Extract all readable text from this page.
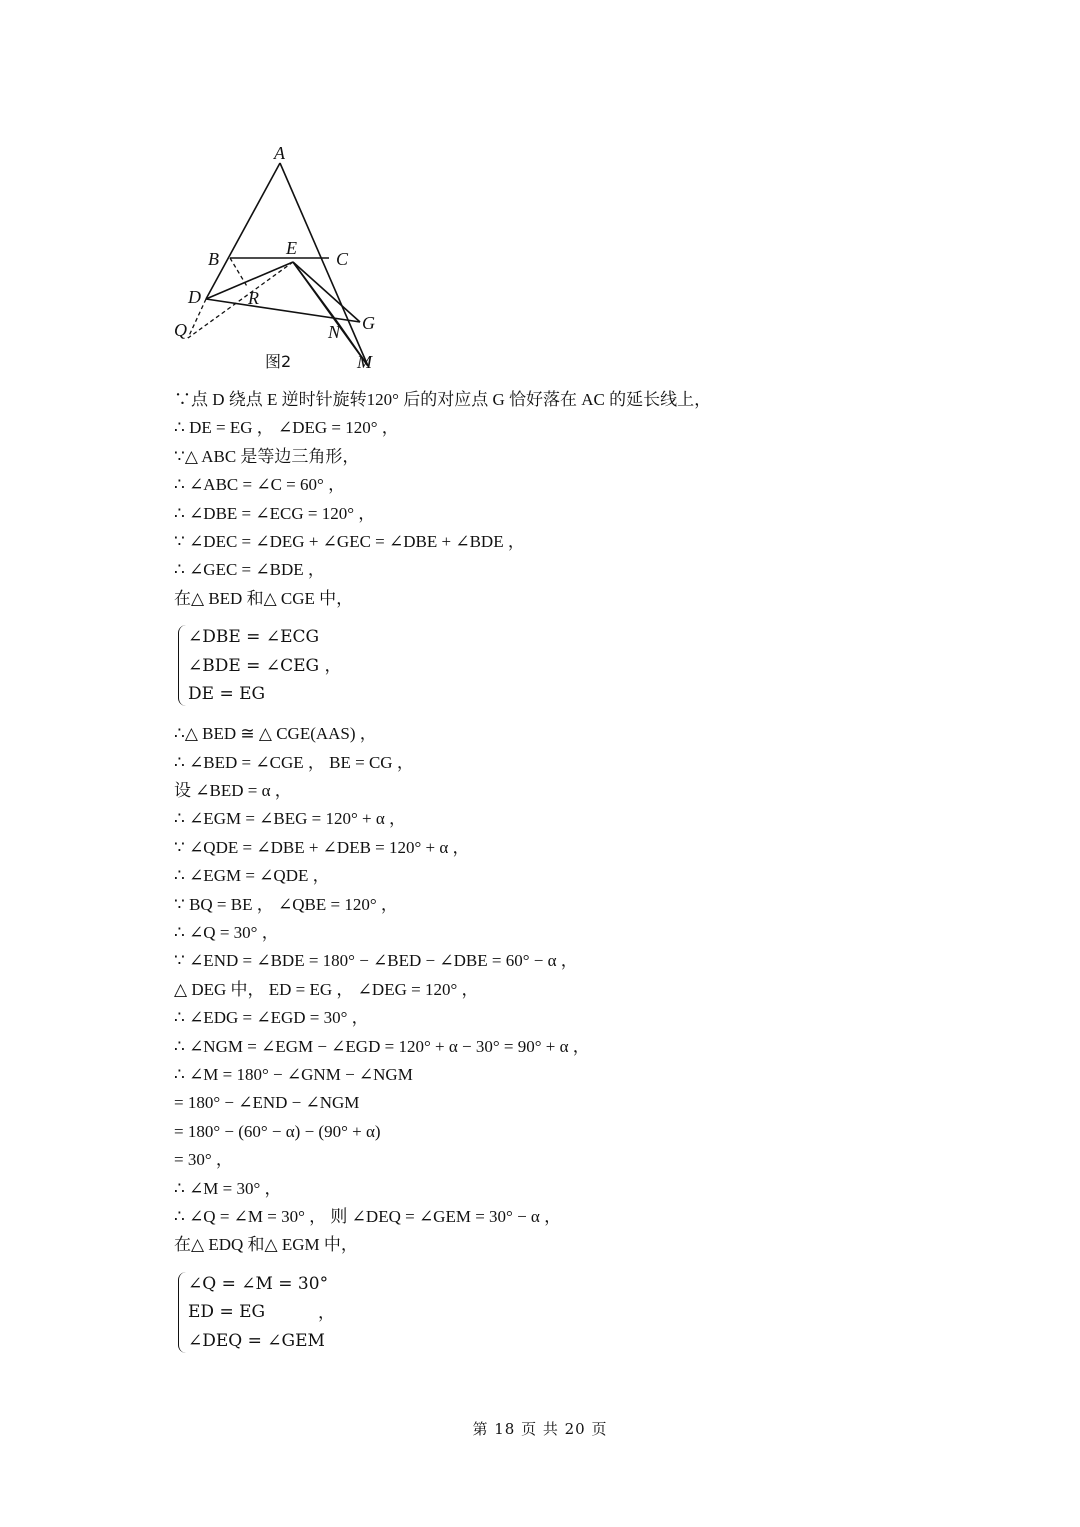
A
B	C
E
D	R
Q	N G
M
图2
∵点 D 绕点 E 逆时针旋转120° 后的对应点 G 恰好落在 AC 的延长线上，
∴ DE = EG ， ∠DEG = 120° ，
∵△ ABC 是等边三角形，
∴ ∠ABC = ∠C = 60° ，
∴ ∠DBE = ∠ECG = 120° ，
∵ ∠DEC = ∠DEG + ∠GEC = ∠DBE + ∠BDE ，
∴ ∠GEC = ∠BDE ，
在△ BED 和△ CGE 中，
∠DBE = ∠ECG
∠BDE = ∠CEG ，
DE = EG
∴△ BED ≅ △ CGE(AAS) ，
∴ ∠BED = ∠CGE ， BE = CG ，
设 ∠BED = α ，
∴ ∠EGM = ∠BEG = 120° + α ，
∵ ∠QDE = ∠DBE + ∠DEB = 120° + α ，
∴ ∠EGM = ∠QDE ，
∵ BQ = BE ， ∠QBE = 120° ，
∴ ∠Q = 30° ，
∵ ∠END = ∠BDE = 180° − ∠BED − ∠DBE = 60° − α ，
△ DEG 中， ED = EG ， ∠DEG = 120° ，
∴ ∠EDG = ∠EGD = 30° ，
∴ ∠NGM = ∠EGM − ∠EGD = 120° + α − 30° = 90° + α ，
∴ ∠M = 180° − ∠GNM − ∠NGM
= 180° − ∠END − ∠NGM
= 180° − (60° − α) − (90° + α)
= 30° ，
∴ ∠M = 30° ，
∴ ∠Q = ∠M = 30° ， 则 ∠DEQ = ∠GEM = 30° − α ，
在△ EDQ 和△ EGM 中，
∠Q = ∠M = 30°
ED = EG
∠DEQ = ∠GEM
，
第 18 页 共 20 页
